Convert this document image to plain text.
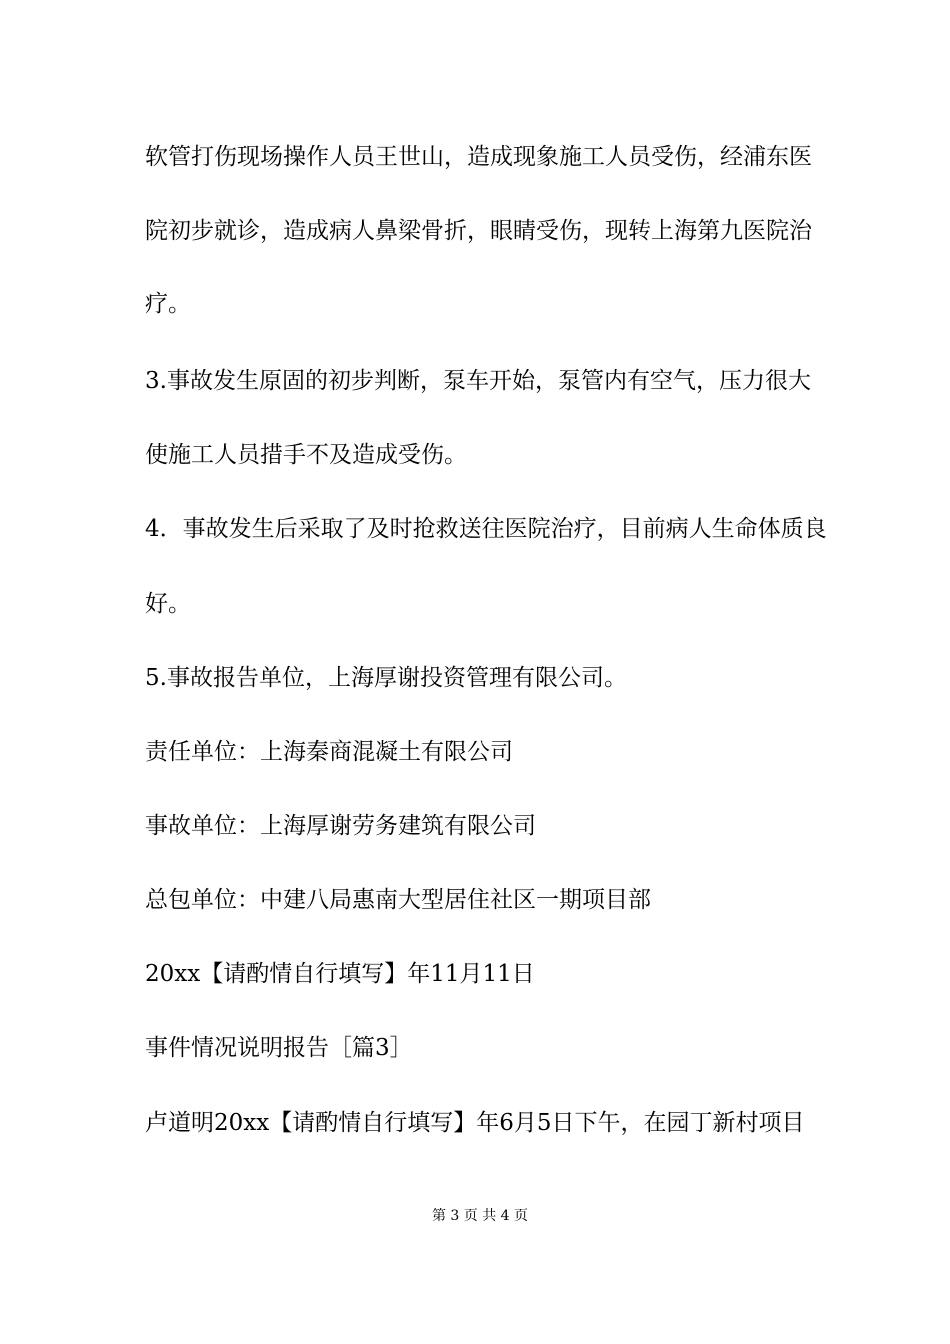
软管打伤现场操作人员王世山，造成现象施工人员受伤，经浦东医
院初步就诊，造成病人鼻梁骨折，眼睛受伤，现转上海第九医院治
疗。
3.事故发生原固的初步判断，泵车开始，泵管内有空气，压力很大
使施工人员措手不及造成受伤。
4．事故发生后采取了及时抢救送往医院治疗，目前病人生命体质良
好。
5.事故报告单位，上海厚谢投资管理有限公司。
责任单位：上海秦商混凝土有限公司
事故单位：上海厚谢劳务建筑有限公司
总包单位：中建八局惠南大型居住社区一期项目部
20xx【请酌情自行填写】年11月11日
事件情况说明报告［篇3］
卢道明20xx【请酌情自行填写】年6月5日下午，在园丁新村项目
第 3 页 共 4 页
